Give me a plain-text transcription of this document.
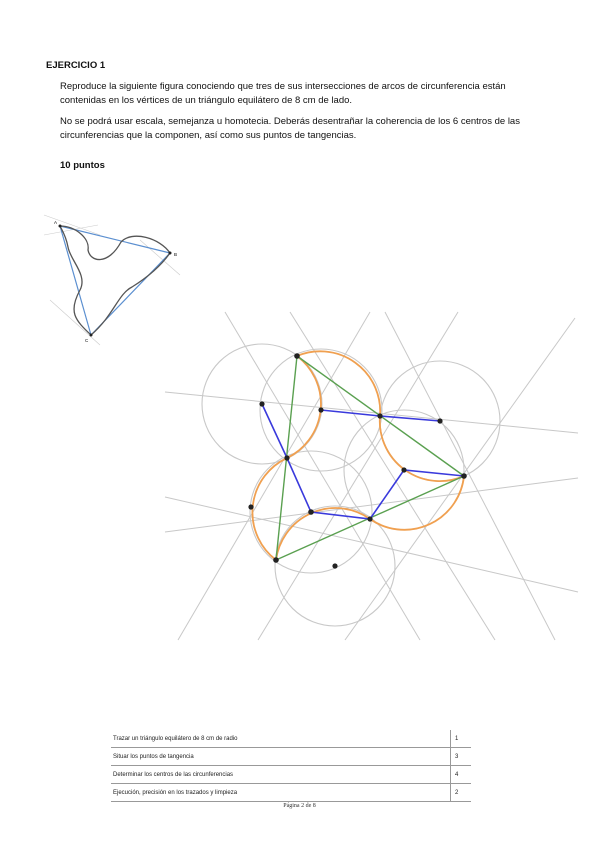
EJERCICIO 1
Reproduce la siguiente figura conociendo que tres de sus intersecciones de arcos de circunferencia están
contenidas en los vértices de un triángulo equilátero de 8 cm de lado.
No se podrá usar escala, semejanza u homotecia. Deberás desentrañar la coherencia de los 6 centros de las
circunferencias que la componen, así como sus puntos de tangencias.
10 puntos
A
B
C
Trazar un triángulo equilátero de 8 cm de radio	1
Situar los puntos de tangencia	3
Determinar los centros de las circunferencias	4
Ejecución, precisión en los trazados y limpieza	2
Página 2 de 8
